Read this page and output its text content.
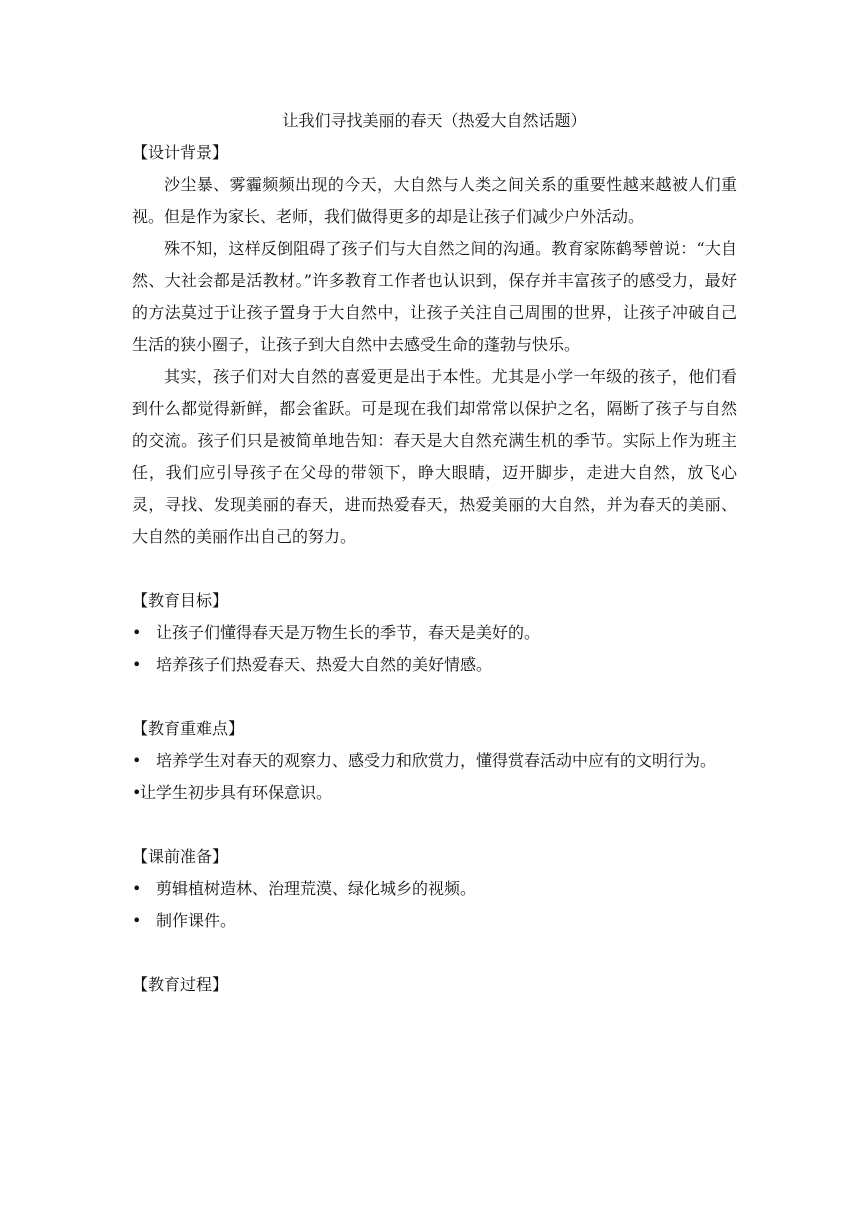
让我们寻找美丽的春天（热爱大自然话题）

【设计背景】

沙尘暴、雾霾频频出现的今天，大自然与人类之间关系的重要性越来越被人们重视。但是作为家长、老师，我们做得更多的却是让孩子们减少户外活动。

殊不知，这样反倒阻碍了孩子们与大自然之间的沟通。教育家陈鹤琴曾说：“大自然、大社会都是活教材。”许多教育工作者也认识到，保存并丰富孩子的感受力，最好的方法莫过于让孩子置身于大自然中，让孩子关注自己周围的世界，让孩子冲破自己生活的狭小圈子，让孩子到大自然中去感受生命的蓬勃与快乐。

其实，孩子们对大自然的喜爱更是出于本性。尤其是小学一年级的孩子，他们看到什么都觉得新鲜，都会雀跃。可是现在我们却常常以保护之名，隔断了孩子与自然的交流。孩子们只是被简单地告知：春天是大自然充满生机的季节。实际上作为班主任，我们应引导孩子在父母的带领下，睁大眼睛，迈开脚步，走进大自然，放飞心灵，寻找、发现美丽的春天，进而热爱春天，热爱美丽的大自然，并为春天的美丽、大自然的美丽作出自己的努力。

【教育目标】

• 让孩子们懂得春天是万物生长的季节，春天是美好的。

• 培养孩子们热爱春天、热爱大自然的美好情感。

【教育重难点】

• 培养学生对春天的观察力、感受力和欣赏力，懂得赏春活动中应有的文明行为。

•让学生初步具有环保意识。

【课前准备】

• 剪辑植树造林、治理荒漠、绿化城乡的视频。

• 制作课件。

【教育过程】
